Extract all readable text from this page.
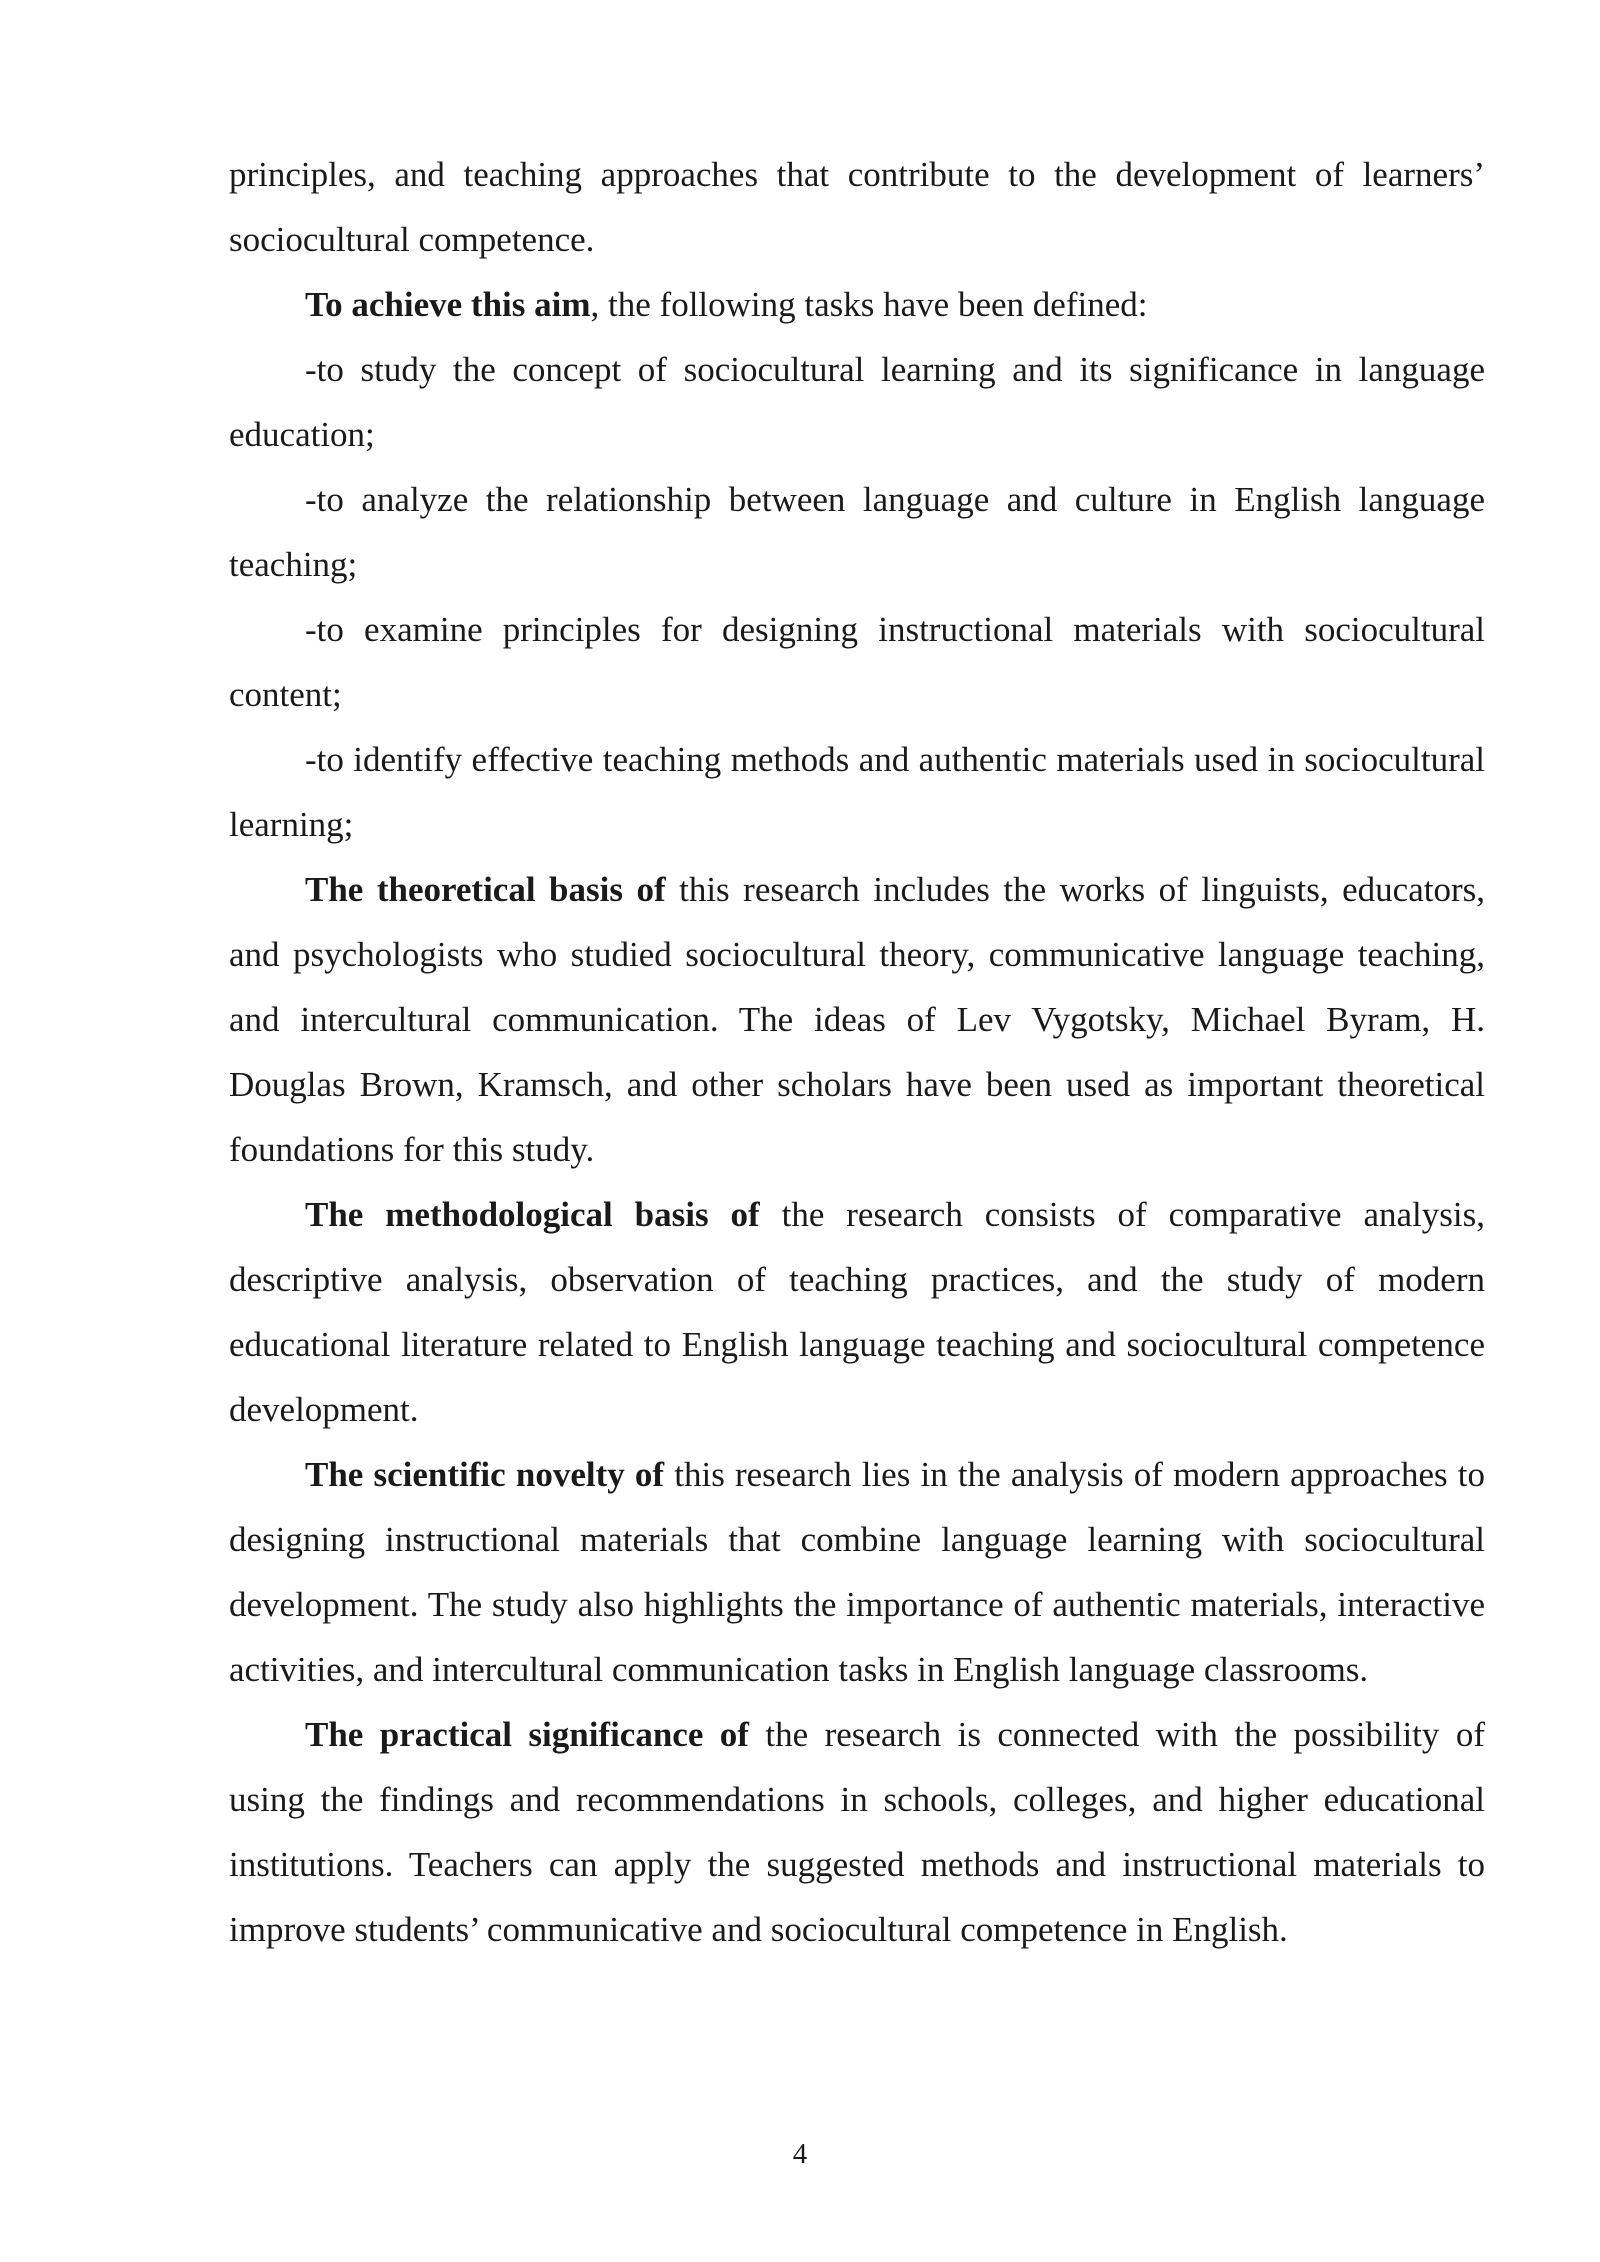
principles, and teaching approaches that contribute to the development of learners’ sociocultural competence.

To achieve this aim, the following tasks have been defined:

-to study the concept of sociocultural learning and its significance in language education;

-to analyze the relationship between language and culture in English language teaching;

-to examine principles for designing instructional materials with sociocultural content;

-to identify effective teaching methods and authentic materials used in sociocultural learning;

The theoretical basis of this research includes the works of linguists, educators, and psychologists who studied sociocultural theory, communicative language teaching, and intercultural communication. The ideas of Lev Vygotsky, Michael Byram, H. Douglas Brown, Kramsch, and other scholars have been used as important theoretical foundations for this study.

The methodological basis of the research consists of comparative analysis, descriptive analysis, observation of teaching practices, and the study of modern educational literature related to English language teaching and sociocultural competence development.

The scientific novelty of this research lies in the analysis of modern approaches to designing instructional materials that combine language learning with sociocultural development. The study also highlights the importance of authentic materials, interactive activities, and intercultural communication tasks in English language classrooms.

The practical significance of the research is connected with the possibility of using the findings and recommendations in schools, colleges, and higher educational institutions. Teachers can apply the suggested methods and instructional materials to improve students’ communicative and sociocultural competence in English.

4
